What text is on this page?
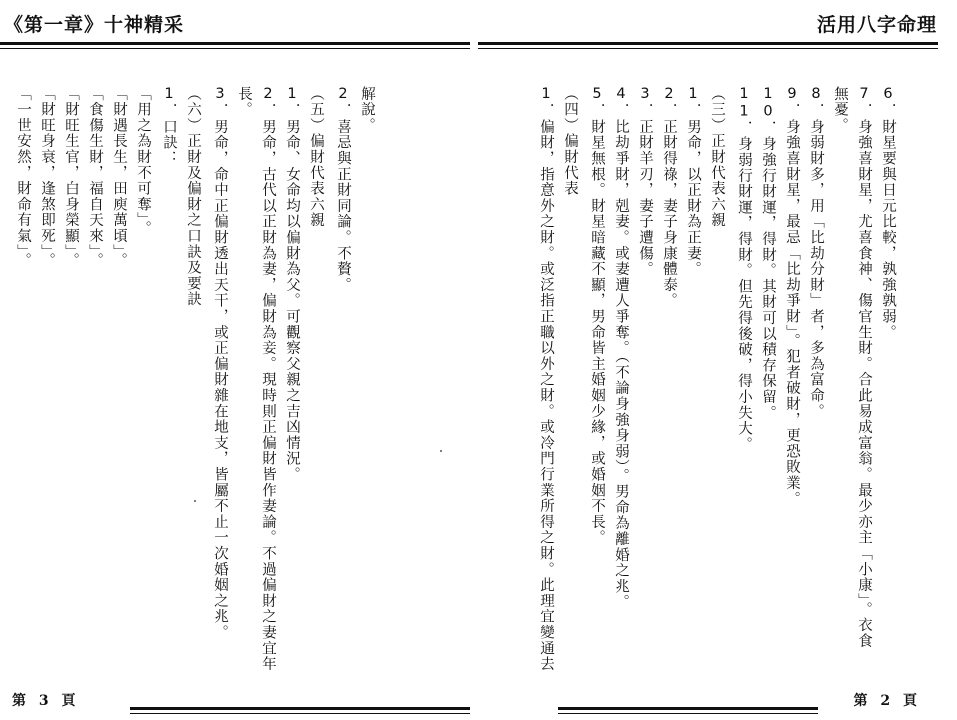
《第一章》十神精采
解說。
2．喜忌與正財同論。不贅。
（五）偏財代表六親
1．男命、女命均以偏財為父。可觀察父親之吉凶情況。
2．男命，古代以正財為妻，偏財為妾。現時則正偏財皆作妻論。不過偏財之妻宜年
長。
3．男命，命中正偏財透出天干，或正偏財雜在地支，皆屬不止一次婚姻之兆。
（六）正財及偏財之口訣及要訣
1．口訣：
「用之為財不可奪」。
「財遇長生，田庾萬頃」。
「食傷生財，福自天來」。
「財旺生官，白身榮顯」。
「財旺身衰，逢煞即死」。
「一世安然，財命有氣」。
第 3 頁
活用八字命理
6．財星要與日元比較，孰強孰弱。
7．身強喜財星，尤喜食神、傷官生財。合此易成富翁。最少亦主「小康」。衣食
無憂。
8．身弱財多，用「比劫分財」者，多為富命。
9．身強喜財星，最忌「比劫爭財」。犯者破財，更恐敗業。
10．身強行財運，得財。其財可以積存保留。
11．身弱行財運，得財。但先得後破，得小失大。
（三）正財代表六親
1．男命，以正財為正妻。
2．正財得祿，妻子身康體泰。
3．正財羊刃，妻子遭傷。
4．比劫爭財，剋妻。或妻遭人爭奪。（不論身強身弱）。男命為離婚之兆。
5．財星無根。財星暗藏不顯，男命皆主婚姻少緣，或婚姻不長。
（四）偏財代表
1．偏財，指意外之財。或泛指正職以外之財。或冷門行業所得之財。此理宜變通去
第 2 頁
